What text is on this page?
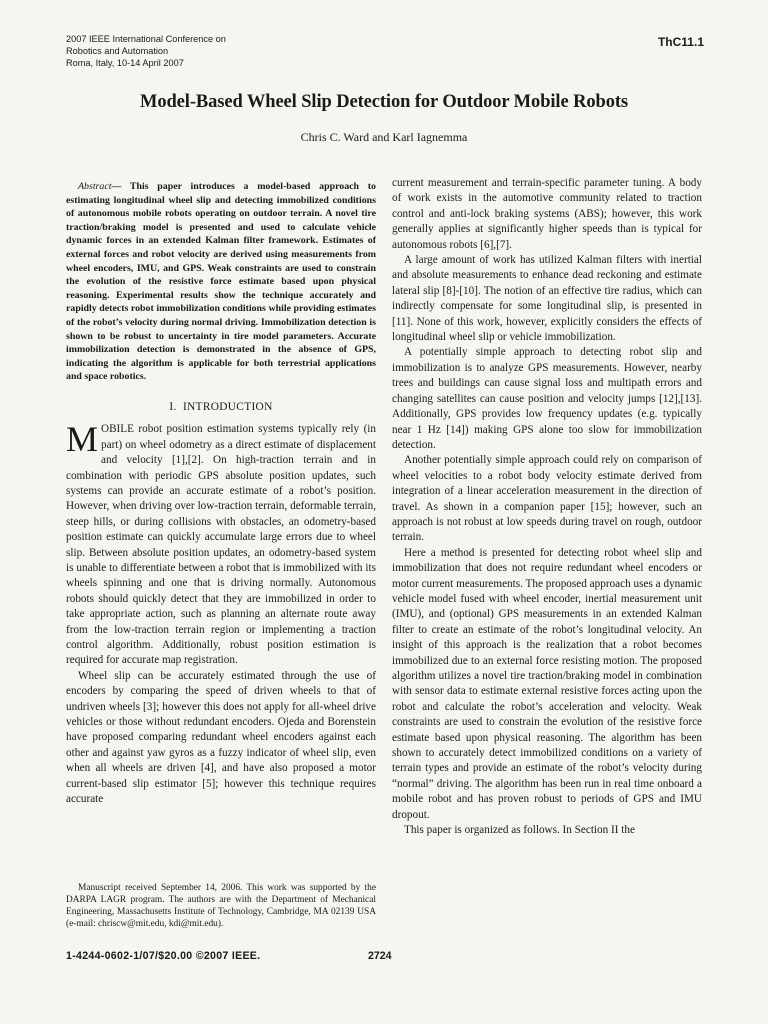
2007 IEEE International Conference on
Robotics and Automation
Roma, Italy, 10-14 April 2007
ThC11.1
Model-Based Wheel Slip Detection for Outdoor Mobile Robots
Chris C. Ward and Karl Iagnemma

Abstract— This paper introduces a model-based approach to estimating longitudinal wheel slip and detecting immobilized conditions of autonomous mobile robots operating on outdoor terrain. A novel tire traction/braking model is presented and used to calculate vehicle dynamic forces in an extended Kalman filter framework. Estimates of external forces and robot velocity are derived using measurements from wheel encoders, IMU, and GPS. Weak constraints are used to constrain the evolution of the resistive force estimate based upon physical reasoning. Experimental results show the technique accurately and rapidly detects robot immobilization conditions while providing estimates of the robot’s velocity during normal driving. Immobilization detection is shown to be robust to uncertainty in tire model parameters. Accurate immobilization detection is demonstrated in the absence of GPS, indicating the algorithm is applicable for both terrestrial applications and space robotics.

I. INTRODUCTION

MOBILE robot position estimation systems typically rely (in part) on wheel odometry as a direct estimate of displacement and velocity [1],[2]. On high-traction terrain and in combination with periodic GPS absolute position updates, such systems can provide an accurate estimate of a robot’s position. However, when driving over low-traction terrain, deformable terrain, steep hills, or during collisions with obstacles, an odometry-based position estimate can quickly accumulate large errors due to wheel slip. Between absolute position updates, an odometry-based system is unable to differentiate between a robot that is immobilized with its wheels spinning and one that is driving normally. Autonomous robots should quickly detect that they are immobilized in order to take appropriate action, such as planning an alternate route away from the low-traction terrain region or implementing a traction control algorithm. Additionally, robust position estimation is required for accurate map registration.

Wheel slip can be accurately estimated through the use of encoders by comparing the speed of driven wheels to that of undriven wheels [3]; however this does not apply for all-wheel drive vehicles or those without redundant encoders. Ojeda and Borenstein have proposed comparing redundant wheel encoders against each other and against yaw gyros as a fuzzy indicator of wheel slip, even when all wheels are driven [4], and have also proposed a motor current-based slip estimator [5]; however this technique requires accurate

current measurement and terrain-specific parameter tuning. A body of work exists in the automotive community related to traction control and anti-lock braking systems (ABS); however, this work generally applies at significantly higher speeds than is typical for autonomous robots [6],[7].

A large amount of work has utilized Kalman filters with inertial and absolute measurements to enhance dead reckoning and estimate lateral slip [8]-[10]. The notion of an effective tire radius, which can indirectly compensate for some longitudinal slip, is presented in [11]. None of this work, however, explicitly considers the effects of longitudinal wheel slip or vehicle immobilization.

A potentially simple approach to detecting robot slip and immobilization is to analyze GPS measurements. However, nearby trees and buildings can cause signal loss and multipath errors and changing satellites can cause position and velocity jumps [12],[13]. Additionally, GPS provides low frequency updates (e.g. typically near 1 Hz [14]) making GPS alone too slow for immobilization detection.

Another potentially simple approach could rely on comparison of wheel velocities to a robot body velocity estimate derived from integration of a linear acceleration measurement in the direction of travel. As shown in a companion paper [15]; however, such an approach is not robust at low speeds during travel on rough, outdoor terrain.

Here a method is presented for detecting robot wheel slip and immobilization that does not require redundant wheel encoders or motor current measurements. The proposed approach uses a dynamic vehicle model fused with wheel encoder, inertial measurement unit (IMU), and (optional) GPS measurements in an extended Kalman filter to create an estimate of the robot’s longitudinal velocity. An insight of this approach is the realization that a robot becomes immobilized due to an external force resisting motion. The proposed algorithm utilizes a novel tire traction/braking model in combination with sensor data to estimate external resistive forces acting upon the robot and calculate the robot’s acceleration and velocity. Weak constraints are used to constrain the evolution of the resistive force estimate based upon physical reasoning. The algorithm has been shown to accurately detect immobilized conditions on a variety of terrain types and provide an estimate of the robot’s velocity during “normal” driving. The algorithm has been run in real time onboard a mobile robot and has proven robust to periods of GPS and IMU dropout.

This paper is organized as follows. In Section II the

Manuscript received September 14, 2006. This work was supported by the DARPA LAGR program. The authors are with the Department of Mechanical Engineering, Massachusetts Institute of Technology, Cambridge, MA 02139 USA (e-mail: chriscw@mit.edu, kdi@mit.edu).
1-4244-0602-1/07/$20.00 ©2007 IEEE.	2724
